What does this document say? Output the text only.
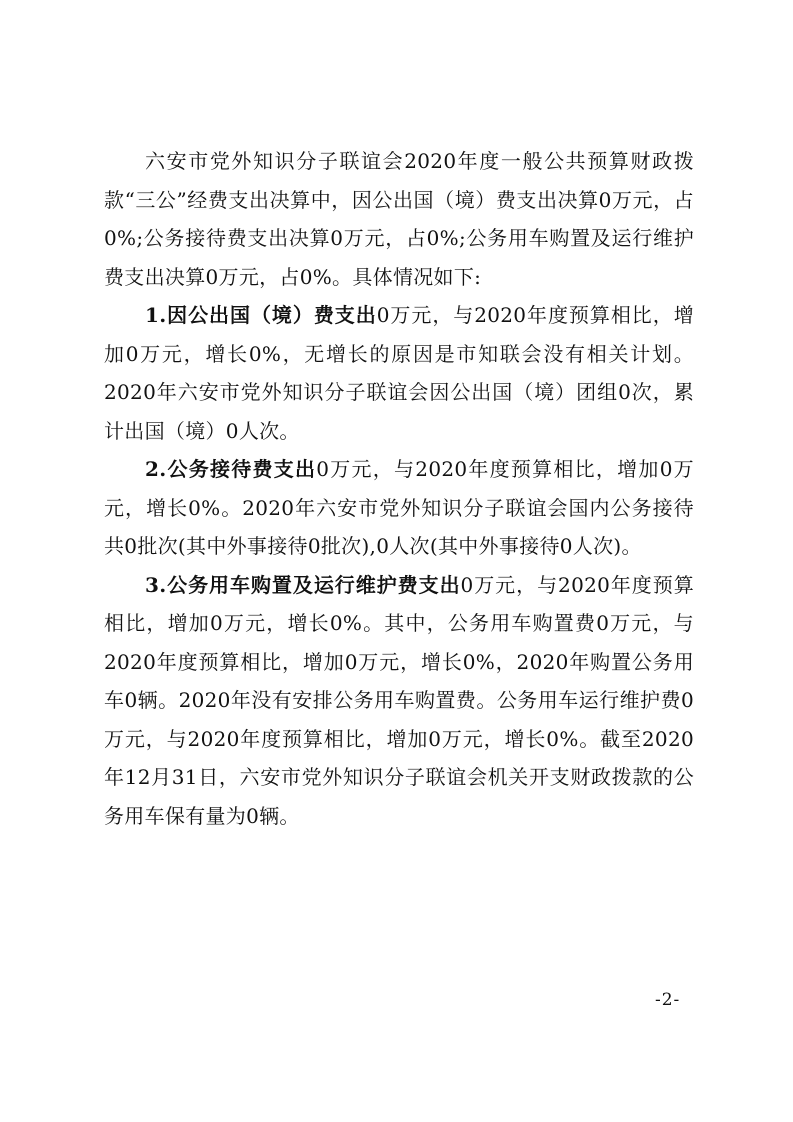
六安市党外知识分子联谊会2020年度一般公共预算财政拨款“三公”经费支出决算中，因公出国（境）费支出决算0万元，占0%;公务接待费支出决算0万元，占0%;公务用车购置及运行维护费支出决算0万元，占0%。具体情况如下:

1.因公出国（境）费支出0万元，与2020年度预算相比，增加0万元，增长0%，无增长的原因是市知联会没有相关计划。2020年六安市党外知识分子联谊会因公出国（境）团组0次，累计出国（境）0人次。

2.公务接待费支出0万元，与2020年度预算相比，增加0万元，增长0%。2020年六安市党外知识分子联谊会国内公务接待共0批次(其中外事接待0批次),0人次(其中外事接待0人次)。

3.公务用车购置及运行维护费支出0万元，与2020年度预算相比，增加0万元，增长0%。其中，公务用车购置费0万元，与2020年度预算相比，增加0万元，增长0%，2020年购置公务用车0辆。2020年没有安排公务用车购置费。公务用车运行维护费0万元，与2020年度预算相比，增加0万元，增长0%。截至2020年12月31日，六安市党外知识分子联谊会机关开支财政拨款的公务用车保有量为0辆。

-2-
